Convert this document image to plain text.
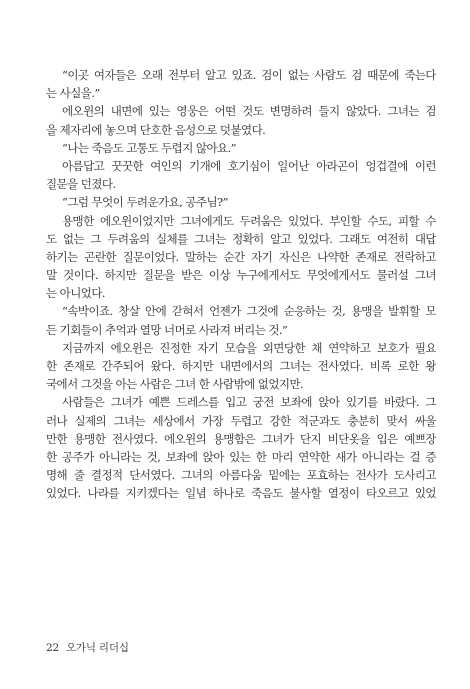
“이곳 여자들은 오래 전부터 알고 있죠. 검이 없는 사람도 검 때문에 죽는다
는 사실을.”
에오윈의 내면에 있는 영웅은 어떤 것도 변명하려 들지 않았다. 그녀는 검
을 제자리에 놓으며 단호한 음성으로 덧붙였다.
“나는 죽음도 고통도 두렵지 않아요.”
아름답고 꿋꿋한 여인의 기개에 호기심이 일어난 아라곤이 엉겁결에 이런
질문을 던졌다.
“그럼 무엇이 두려운가요, 공주님?”
용맹한 에오윈이었지만 그녀에게도 두려움은 있었다. 부인할 수도, 피할 수
도 없는 그 두려움의 실체를 그녀는 정확히 알고 있었다. 그래도 여전히 대답
하기는 곤란한 질문이었다. 말하는 순간 자기 자신은 나약한 존재로 전락하고
말 것이다. 하지만 질문을 받은 이상 누구에게서도 무엇에게서도 물러설 그녀
는 아니었다.
“속박이죠. 창살 안에 갇혀서 언젠가 그것에 순응하는 것, 용맹을 발휘할 모
든 기회들이 추억과 열망 너머로 사라져 버리는 것.”
지금까지 에오윈은 진정한 자기 모습을 외면당한 채 연약하고 보호가 필요
한 존재로 간주되어 왔다. 하지만 내면에서의 그녀는 전사였다. 비록 로한 왕
국에서 그것을 아는 사람은 그녀 한 사람밖에 없었지만.
사람들은 그녀가 예쁜 드레스를 입고 궁전 보좌에 앉아 있기를 바랐다. 그
러나 실제의 그녀는 세상에서 가장 두렵고 강한 적군과도 충분히 맞서 싸울
만한 용맹한 전사였다. 에오윈의 용맹함은 그녀가 단지 비단옷을 입은 예쁘장
한 공주가 아니라는 것, 보좌에 앉아 있는 한 마리 연약한 새가 아니라는 걸 증
명해 줄 결정적 단서였다. 그녀의 아름다움 밑에는 포효하는 전사가 도사리고
있었다. 나라를 지키겠다는 일념 하나로 죽음도 불사할 열정이 타오르고 있었
22 오가닉 리더십
